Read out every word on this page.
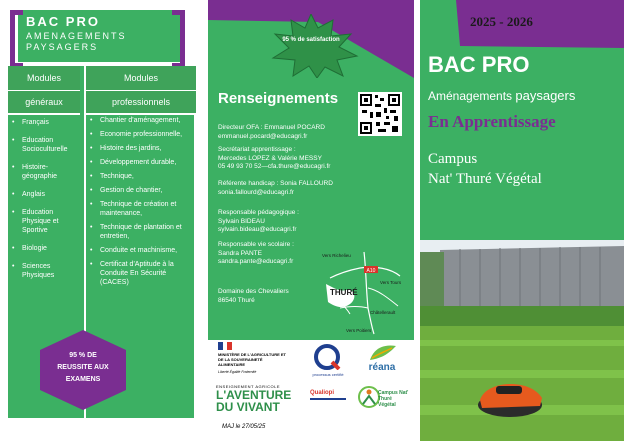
BAC PRO
AMENAGEMENTS
PAYSAGERS
Modules
généraux
• Français
• Education Socioculturelle
• Histoire-géographie
• Anglais
• Education Physique et Sportive
• Biologie
• Sciences Physiques
Modules
professionnels
• Chantier d'aménagement,
• Economie professionnelle,
• Histoire des jardins,
• Développement durable,
• Technique,
• Gestion de chantier,
• Technique de création et maintenance,
• Technique de plantation et entretien,
• Conduite et machinisme,
• Certificat d'Aptitude à la Conduite En Sécurité (CACES)
95 % DE
REUSSITE AUX
EXAMENS
95 % de satisfaction
Renseignements
Directeur OFA : Emmanuel POCARD
emmanuel.pocard@educagri.fr
Secrétariat apprentissage :
Mercedes LOPEZ & Valérie MESSY
05 49 93 70 52—cfa.thure@educagri.fr
Référente handicap : Sonia FALLOURD
sonia.fallourd@educagri.fr
Responsable pédagogique :
Sylvain BIDEAU
sylvain.bideau@educagri.fr
Responsable vie scolaire :
Sandra PANTE
sandra.pante@educagri.fr
Domaine des Chevaliers
86540 Thuré
A10
THURÉ
Vers Richelieu
Vers Tours
Châtellerault
Vers Poitiers
MINISTÈRE DE L'AGRICULTURE ET DE LA SOUVERAINETÉ ALIMENTAIRE
Liberté Égalité Fraternité
ENSEIGNEMENT AGRICOLE
L'AVENTURE
DU VIVANT
processus certifié
réana
Qualiopi	Campus Nat' Thuré Végétal
MAJ le 27/05/25
2025 - 2026
BAC PRO
Aménagements paysagers
En Apprentissage
Campus
Nat' Thuré Végétal
